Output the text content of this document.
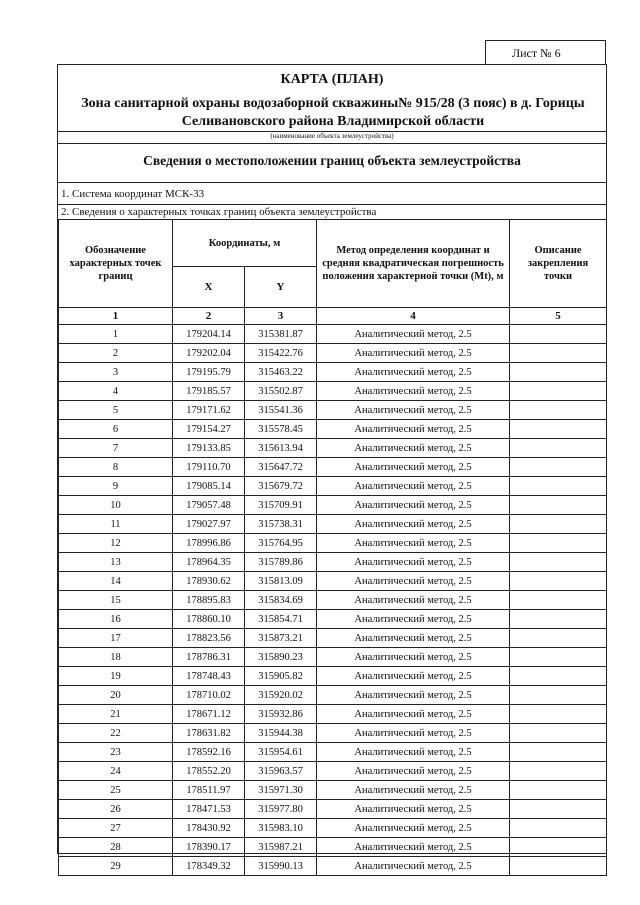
Лист № 6
КАРТА (ПЛАН)
Зона санитарной охраны водозаборной скважины№ 915/28 (3 пояс) в д. Горицы Селивановского района Владимирской области
(наименование объекта землеустройства)
Сведения о местоположении границ объекта землеустройства
1. Система координат МСК-33
2. Сведения о характерных точках границ объекта землеустройства
Обозначение характерных точек границ	Координаты, м		Метод определения координат и средняя квадратическая погрешность положения характерной точки (Mt), м	Описание закрепления точки
	X	Y		
1	2	3	4	5
1	179204.14	315381.87	Аналитический метод, 2.5	
2	179202.04	315422.76	Аналитический метод, 2.5	
3	179195.79	315463.22	Аналитический метод, 2.5	
4	179185.57	315502.87	Аналитический метод, 2.5	
5	179171.62	315541.36	Аналитический метод, 2.5	
6	179154.27	315578.45	Аналитический метод, 2.5	
7	179133.85	315613.94	Аналитический метод, 2.5	
8	179110.70	315647.72	Аналитический метод, 2.5	
9	179085.14	315679.72	Аналитический метод, 2.5	
10	179057.48	315709.91	Аналитический метод, 2.5	
11	179027.97	315738.31	Аналитический метод, 2.5	
12	178996.86	315764.95	Аналитический метод, 2.5	
13	178964.35	315789.86	Аналитический метод, 2.5	
14	178930.62	315813.09	Аналитический метод, 2.5	
15	178895.83	315834.69	Аналитический метод, 2.5	
16	178860.10	315854.71	Аналитический метод, 2.5	
17	178823.56	315873.21	Аналитический метод, 2.5	
18	178786.31	315890.23	Аналитический метод, 2.5	
19	178748.43	315905.82	Аналитический метод, 2.5	
20	178710.02	315920.02	Аналитический метод, 2.5	
21	178671.12	315932.86	Аналитический метод, 2.5	
22	178631.82	315944.38	Аналитический метод, 2.5	
23	178592.16	315954.61	Аналитический метод, 2.5	
24	178552.20	315963.57	Аналитический метод, 2.5	
25	178511.97	315971.30	Аналитический метод, 2.5	
26	178471.53	315977.80	Аналитический метод, 2.5	
27	178430.92	315983.10	Аналитический метод, 2.5	
28	178390.17	315987.21	Аналитический метод, 2.5	
29	178349.32	315990.13	Аналитический метод, 2.5	
